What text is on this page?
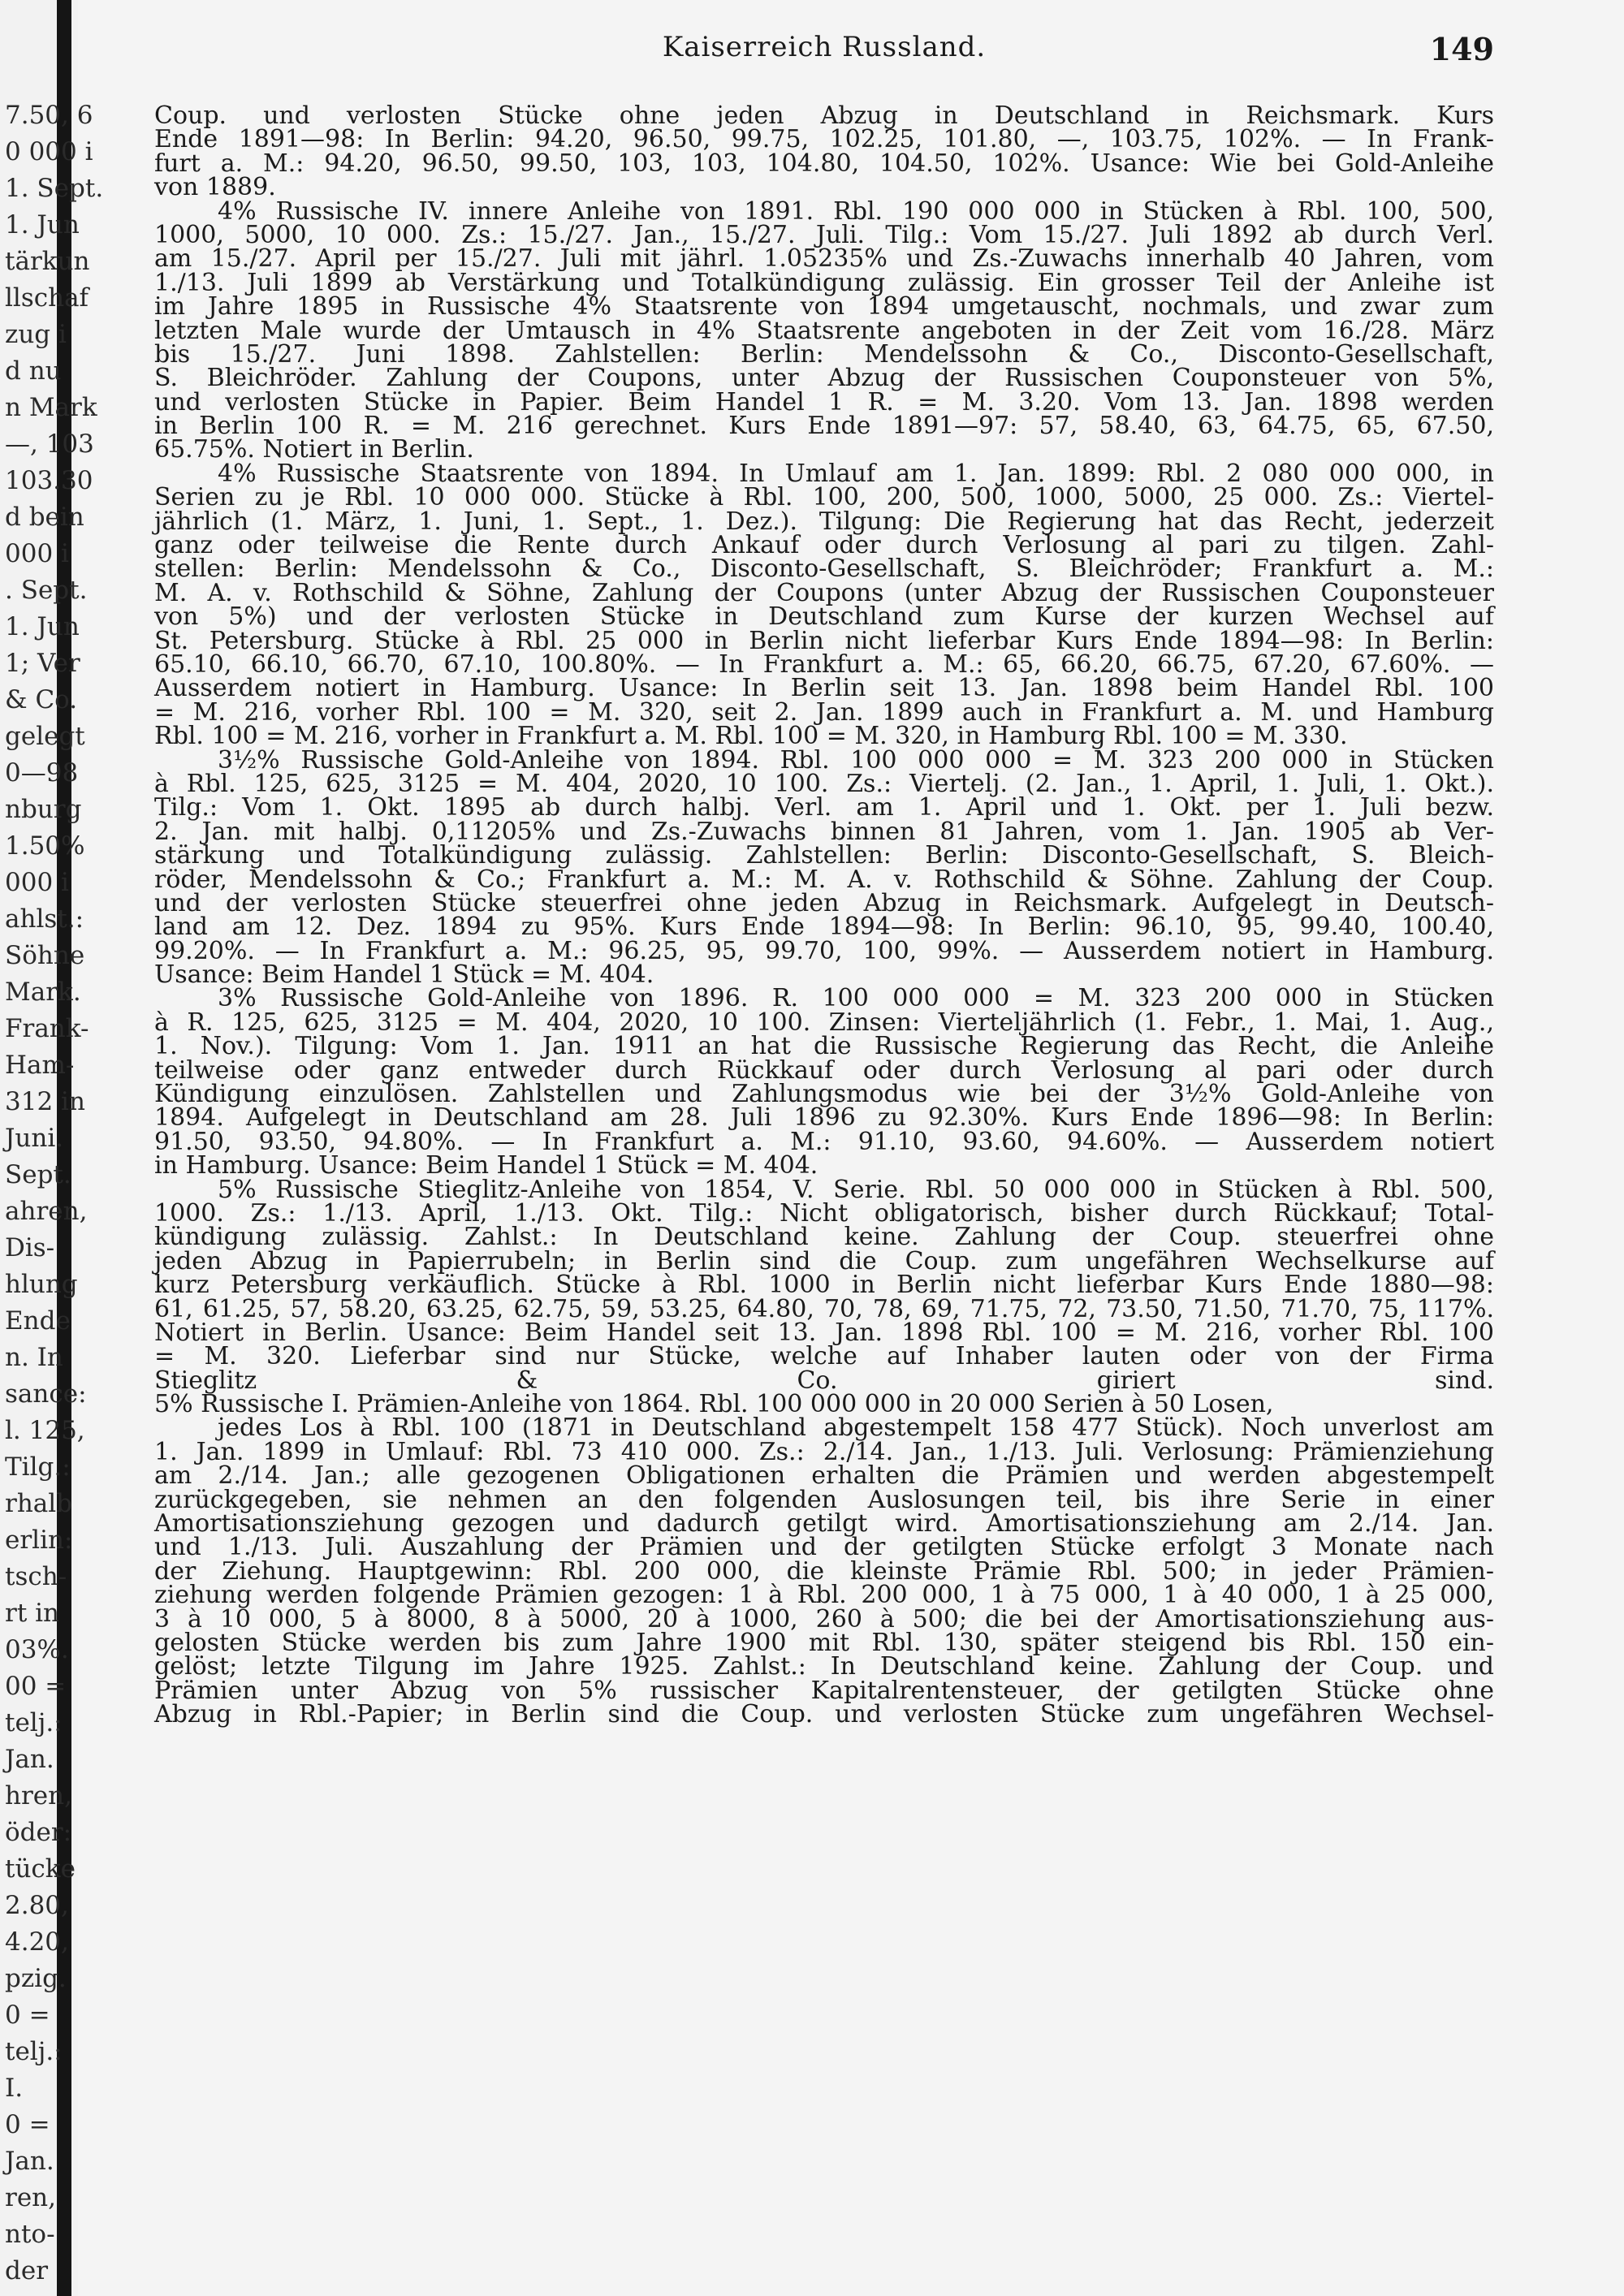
7.50, 6
0 000 i
1. Sept.
1. Jun
tärkun
llschaf
zug i
d nu
n Mark
—, 103
103.30
d bein
000 i
. Sept.
1. Jun
1; Ver
& Co.
gelegt
0—98
nburg
1.50%
000 i
ahlst.:
Söhne
Mark.
Frank-
Ham-
312 in
Juni.
Sept.
ahren,
Dis-
hlung
Ende
n. In
sance:
l. 125,
Tilg.:
rhalb
erlin:
tsch-
rt in
03%.
00 =
telj.:
Jan.
hren,
öder:
tücke
2.80,
4.20,
pzig.
0 =
telj.:
I.
0 =
Jan.
ren,
nto-
der
Kaiserreich Russland.	149
Coup. und verlosten Stücke ohne jeden Abzug in Deutschland in Reichsmark. Kurs
Ende 1891—98: In Berlin: 94.20, 96.50, 99.75, 102.25, 101.80, —, 103.75, 102%. — In Frank-
furt a. M.: 94.20, 96.50, 99.50, 103, 103, 104.80, 104.50, 102%. Usance: Wie bei Gold-Anleihe
von 1889.
4% Russische IV. innere Anleihe von 1891. Rbl. 190 000 000 in Stücken à Rbl. 100, 500,
1000, 5000, 10 000. Zs.: 15./27. Jan., 15./27. Juli. Tilg.: Vom 15./27. Juli 1892 ab durch Verl.
am 15./27. April per 15./27. Juli mit jährl. 1.05235% und Zs.-Zuwachs innerhalb 40 Jahren, vom
1./13. Juli 1899 ab Verstärkung und Totalkündigung zulässig. Ein grosser Teil der Anleihe ist
im Jahre 1895 in Russische 4% Staatsrente von 1894 umgetauscht, nochmals, und zwar zum
letzten Male wurde der Umtausch in 4% Staatsrente angeboten in der Zeit vom 16./28. März
bis 15./27. Juni 1898. Zahlstellen: Berlin: Mendelssohn & Co., Disconto-Gesellschaft,
S. Bleichröder. Zahlung der Coupons, unter Abzug der Russischen Couponsteuer von 5%,
und verlosten Stücke in Papier. Beim Handel 1 R. = M. 3.20. Vom 13. Jan. 1898 werden
in Berlin 100 R. = M. 216 gerechnet. Kurs Ende 1891—97: 57, 58.40, 63, 64.75, 65, 67.50,
65.75%. Notiert in Berlin.
4% Russische Staatsrente von 1894. In Umlauf am 1. Jan. 1899: Rbl. 2 080 000 000, in
Serien zu je Rbl. 10 000 000. Stücke à Rbl. 100, 200, 500, 1000, 5000, 25 000. Zs.: Viertel-
jährlich (1. März, 1. Juni, 1. Sept., 1. Dez.). Tilgung: Die Regierung hat das Recht, jederzeit
ganz oder teilweise die Rente durch Ankauf oder durch Verlosung al pari zu tilgen. Zahl-
stellen: Berlin: Mendelssohn & Co., Disconto-Gesellschaft, S. Bleichröder; Frankfurt a. M.:
M. A. v. Rothschild & Söhne, Zahlung der Coupons (unter Abzug der Russischen Couponsteuer
von 5%) und der verlosten Stücke in Deutschland zum Kurse der kurzen Wechsel auf
St. Petersburg. Stücke à Rbl. 25 000 in Berlin nicht lieferbar Kurs Ende 1894—98: In Berlin:
65.10, 66.10, 66.70, 67.10, 100.80%. — In Frankfurt a. M.: 65, 66.20, 66.75, 67.20, 67.60%. —
Ausserdem notiert in Hamburg. Usance: In Berlin seit 13. Jan. 1898 beim Handel Rbl. 100
= M. 216, vorher Rbl. 100 = M. 320, seit 2. Jan. 1899 auch in Frankfurt a. M. und Hamburg
Rbl. 100 = M. 216, vorher in Frankfurt a. M. Rbl. 100 = M. 320, in Hamburg Rbl. 100 = M. 330.
3½% Russische Gold-Anleihe von 1894. Rbl. 100 000 000 = M. 323 200 000 in Stücken
à Rbl. 125, 625, 3125 = M. 404, 2020, 10 100. Zs.: Viertelj. (2. Jan., 1. April, 1. Juli, 1. Okt.).
Tilg.: Vom 1. Okt. 1895 ab durch halbj. Verl. am 1. April und 1. Okt. per 1. Juli bezw.
2. Jan. mit halbj. 0,11205% und Zs.-Zuwachs binnen 81 Jahren, vom 1. Jan. 1905 ab Ver-
stärkung und Totalkündigung zulässig. Zahlstellen: Berlin: Disconto-Gesellschaft, S. Bleich-
röder, Mendelssohn & Co.; Frankfurt a. M.: M. A. v. Rothschild & Söhne. Zahlung der Coup.
und der verlosten Stücke steuerfrei ohne jeden Abzug in Reichsmark. Aufgelegt in Deutsch-
land am 12. Dez. 1894 zu 95%. Kurs Ende 1894—98: In Berlin: 96.10, 95, 99.40, 100.40,
99.20%. — In Frankfurt a. M.: 96.25, 95, 99.70, 100, 99%. — Ausserdem notiert in Hamburg.
Usance: Beim Handel 1 Stück = M. 404.
3% Russische Gold-Anleihe von 1896. R. 100 000 000 = M. 323 200 000 in Stücken
à R. 125, 625, 3125 = M. 404, 2020, 10 100. Zinsen: Vierteljährlich (1. Febr., 1. Mai, 1. Aug.,
1. Nov.). Tilgung: Vom 1. Jan. 1911 an hat die Russische Regierung das Recht, die Anleihe
teilweise oder ganz entweder durch Rückkauf oder durch Verlosung al pari oder durch
Kündigung einzulösen. Zahlstellen und Zahlungsmodus wie bei der 3½% Gold-Anleihe von
1894. Aufgelegt in Deutschland am 28. Juli 1896 zu 92.30%. Kurs Ende 1896—98: In Berlin:
91.50, 93.50, 94.80%. — In Frankfurt a. M.: 91.10, 93.60, 94.60%. — Ausserdem notiert
in Hamburg. Usance: Beim Handel 1 Stück = M. 404.
5% Russische Stieglitz-Anleihe von 1854, V. Serie. Rbl. 50 000 000 in Stücken à Rbl. 500,
1000. Zs.: 1./13. April, 1./13. Okt. Tilg.: Nicht obligatorisch, bisher durch Rückkauf; Total-
kündigung zulässig. Zahlst.: In Deutschland keine. Zahlung der Coup. steuerfrei ohne
jeden Abzug in Papierrubeln; in Berlin sind die Coup. zum ungefähren Wechselkurse auf
kurz Petersburg verkäuflich. Stücke à Rbl. 1000 in Berlin nicht lieferbar Kurs Ende 1880—98:
61, 61.25, 57, 58.20, 63.25, 62.75, 59, 53.25, 64.80, 70, 78, 69, 71.75, 72, 73.50, 71.50, 71.70, 75, 117%.
Notiert in Berlin. Usance: Beim Handel seit 13. Jan. 1898 Rbl. 100 = M. 216, vorher Rbl. 100
= M. 320. Lieferbar sind nur Stücke, welche auf Inhaber lauten oder von der Firma
Stieglitz & Co. giriert sind.
5% Russische I. Prämien-Anleihe von 1864. Rbl. 100 000 000 in 20 000 Serien à 50 Losen,
jedes Los à Rbl. 100 (1871 in Deutschland abgestempelt 158 477 Stück). Noch unverlost am
1. Jan. 1899 in Umlauf: Rbl. 73 410 000. Zs.: 2./14. Jan., 1./13. Juli. Verlosung: Prämienziehung
am 2./14. Jan.; alle gezogenen Obligationen erhalten die Prämien und werden abgestempelt
zurückgegeben, sie nehmen an den folgenden Auslosungen teil, bis ihre Serie in einer
Amortisationsziehung gezogen und dadurch getilgt wird. Amortisationsziehung am 2./14. Jan.
und 1./13. Juli. Auszahlung der Prämien und der getilgten Stücke erfolgt 3 Monate nach
der Ziehung. Hauptgewinn: Rbl. 200 000, die kleinste Prämie Rbl. 500; in jeder Prämien-
ziehung werden folgende Prämien gezogen: 1 à Rbl. 200 000, 1 à 75 000, 1 à 40 000, 1 à 25 000,
3 à 10 000, 5 à 8000, 8 à 5000, 20 à 1000, 260 à 500; die bei der Amortisationsziehung aus-
gelosten Stücke werden bis zum Jahre 1900 mit Rbl. 130, später steigend bis Rbl. 150 ein-
gelöst; letzte Tilgung im Jahre 1925. Zahlst.: In Deutschland keine. Zahlung der Coup. und
Prämien unter Abzug von 5% russischer Kapitalrentensteuer, der getilgten Stücke ohne
Abzug in Rbl.-Papier; in Berlin sind die Coup. und verlosten Stücke zum ungefähren Wechsel-
